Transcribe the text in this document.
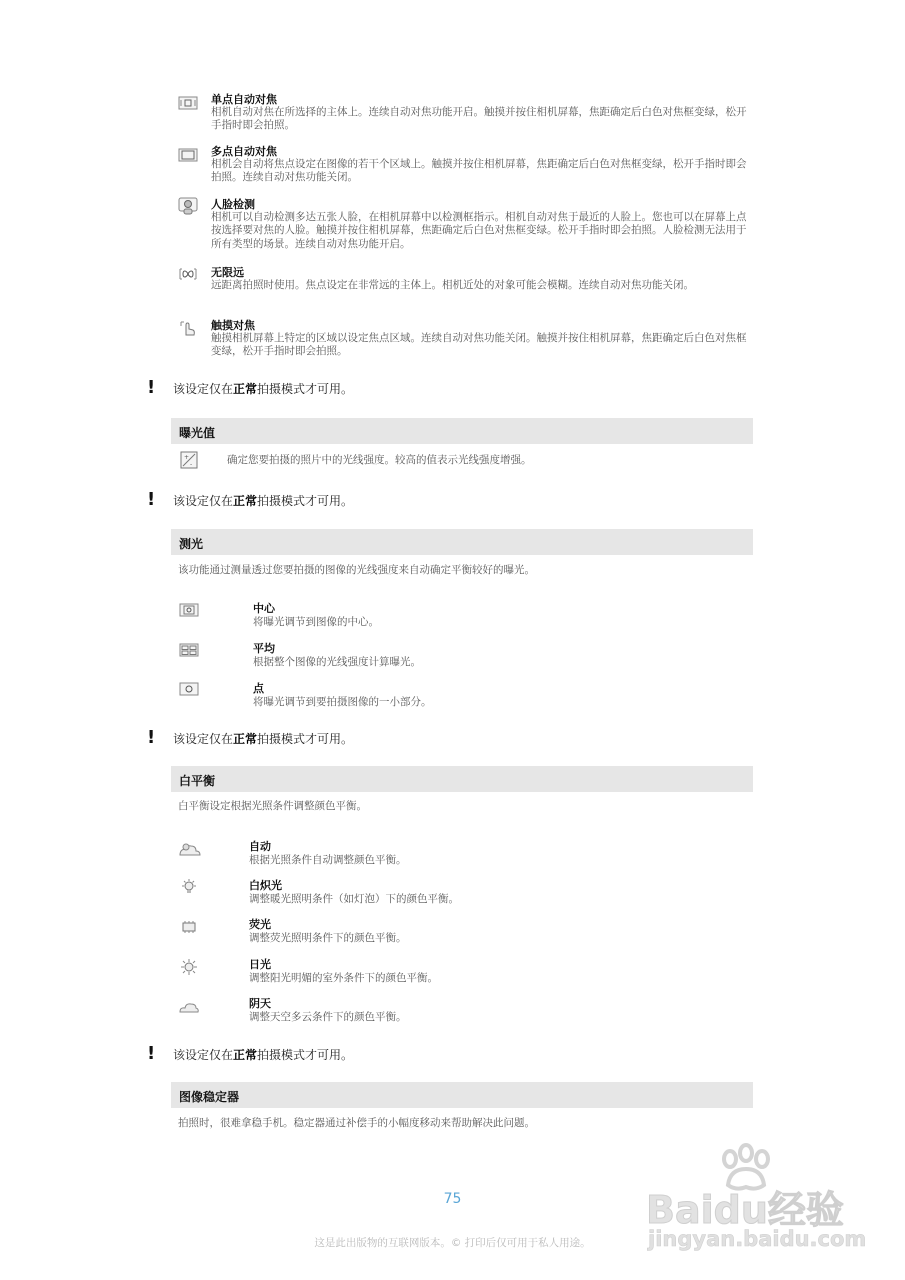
单点自动对焦
相机自动对焦在所选择的主体上。连续自动对焦功能开启。触摸并按住相机屏幕，焦距确定后白色对焦框变绿，松开手指时即会拍照。
多点自动对焦
相机会自动将焦点设定在图像的若干个区域上。触摸并按住相机屏幕，焦距确定后白色对焦框变绿，松开手指时即会拍照。连续自动对焦功能关闭。
人脸检测
相机可以自动检测多达五张人脸，在相机屏幕中以检测框指示。相机自动对焦于最近的人脸上。您也可以在屏幕上点按选择要对焦的人脸。触摸并按住相机屏幕，焦距确定后白色对焦框变绿。松开手指时即会拍照。人脸检测无法用于所有类型的场景。连续自动对焦功能开启。
无限远
远距离拍照时使用。焦点设定在非常远的主体上。相机近处的对象可能会模糊。连续自动对焦功能关闭。
触摸对焦
触摸相机屏幕上特定的区域以设定焦点区域。连续自动对焦功能关闭。触摸并按住相机屏幕，焦距确定后白色对焦框变绿，松开手指时即会拍照。
!	该设定仅在正常拍摄模式才可用。
曝光值
+
-	确定您要拍摄的照片中的光线强度。较高的值表示光线强度增强。
!	该设定仅在正常拍摄模式才可用。
测光
该功能通过测量透过您要拍摄的图像的光线强度来自动确定平衡较好的曝光。
中心
将曝光调节到图像的中心。
平均
根据整个图像的光线强度计算曝光。
点
将曝光调节到要拍摄图像的一小部分。
!	该设定仅在正常拍摄模式才可用。
白平衡
白平衡设定根据光照条件调整颜色平衡。
自动
根据光照条件自动调整颜色平衡。
白炽光
调整暖光照明条件（如灯泡）下的颜色平衡。
荧光
调整荧光照明条件下的颜色平衡。
日光
调整阳光明媚的室外条件下的颜色平衡。
阴天
调整天空多云条件下的颜色平衡。
!	该设定仅在正常拍摄模式才可用。
图像稳定器
拍照时，很难拿稳手机。稳定器通过补偿手的小幅度移动来帮助解决此问题。
75
这是此出版物的互联网版本。© 打印后仅可用于私人用途。
Baidu经验
jingyan.baidu.com
